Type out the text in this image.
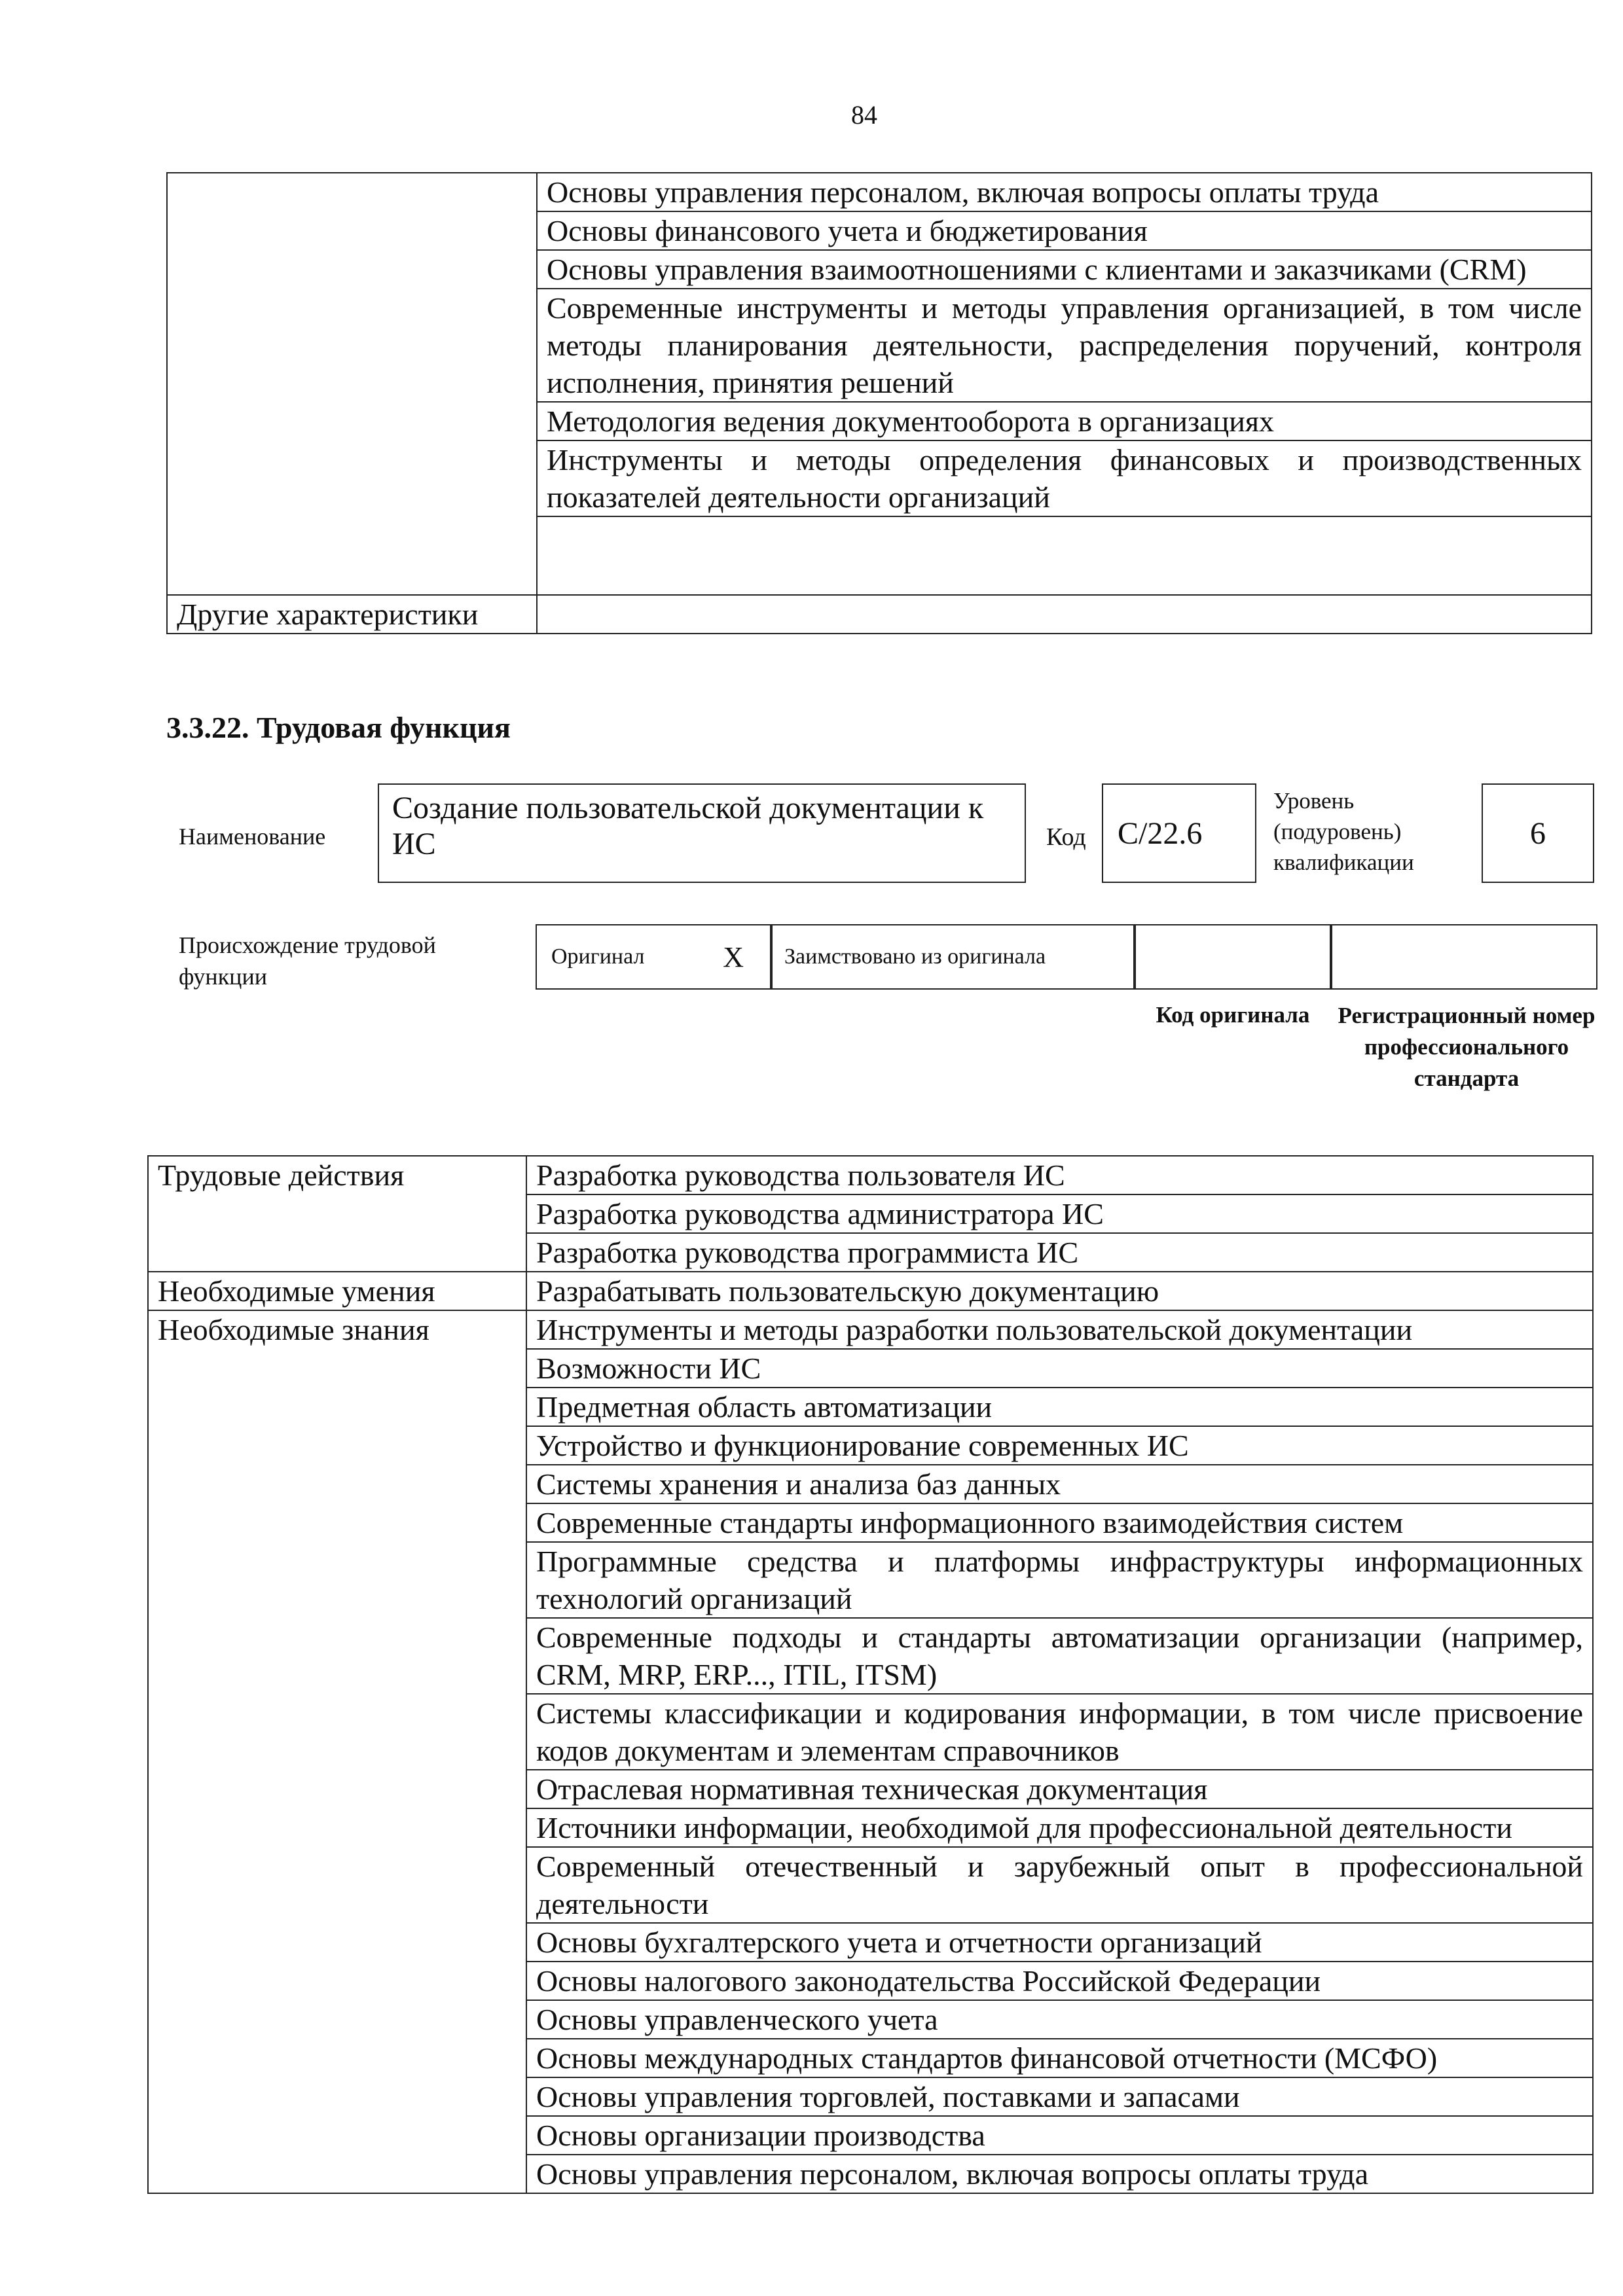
84
	Основы управления персоналом, включая вопросы оплаты труда
	Основы финансового учета и бюджетирования
	Основы управления взаимоотношениями с клиентами и заказчиками (CRM)
	Современные инструменты и методы управления организацией, в том числе методы планирования деятельности, распределения поручений, контроля исполнения, принятия решений
	Методология ведения документооборота в организациях
	Инструменты и методы определения финансовых и производственных показателей деятельности организаций

Другие характеристики	
3.3.22. Трудовая функция
Наименование
Создание пользовательской документации к ИС	Код	C/22.6
Уровень (подуровень) квалификации
6
Происхождение трудовой функции
Оригинал	X	Заимствовано из оригинала
Код оригинала	Регистрационный номер профессионального стандарта
Трудовые действия	Разработка руководства пользователя ИС
	Разработка руководства администратора ИС
	Разработка руководства программиста ИС
Необходимые умения	Разрабатывать пользовательскую документацию
Необходимые знания	Инструменты и методы разработки пользовательской документации
	Возможности ИС
	Предметная область автоматизации
	Устройство и функционирование современных ИС
	Системы хранения и анализа баз данных
	Современные стандарты информационного взаимодействия систем
	Программные средства и платформы инфраструктуры информационных технологий организаций
	Современные подходы и стандарты автоматизации организации (например, CRM, MRP, ERP..., ITIL, ITSM)
	Системы классификации и кодирования информации, в том числе присвоение кодов документам и элементам справочников
	Отраслевая нормативная техническая документация
	Источники информации, необходимой для профессиональной деятельности
	Современный отечественный и зарубежный опыт в профессиональной деятельности
	Основы бухгалтерского учета и отчетности организаций
	Основы налогового законодательства Российской Федерации
	Основы управленческого учета
	Основы международных стандартов финансовой отчетности (МСФО)
	Основы управления торговлей, поставками и запасами
	Основы организации производства
	Основы управления персоналом, включая вопросы оплаты труда
